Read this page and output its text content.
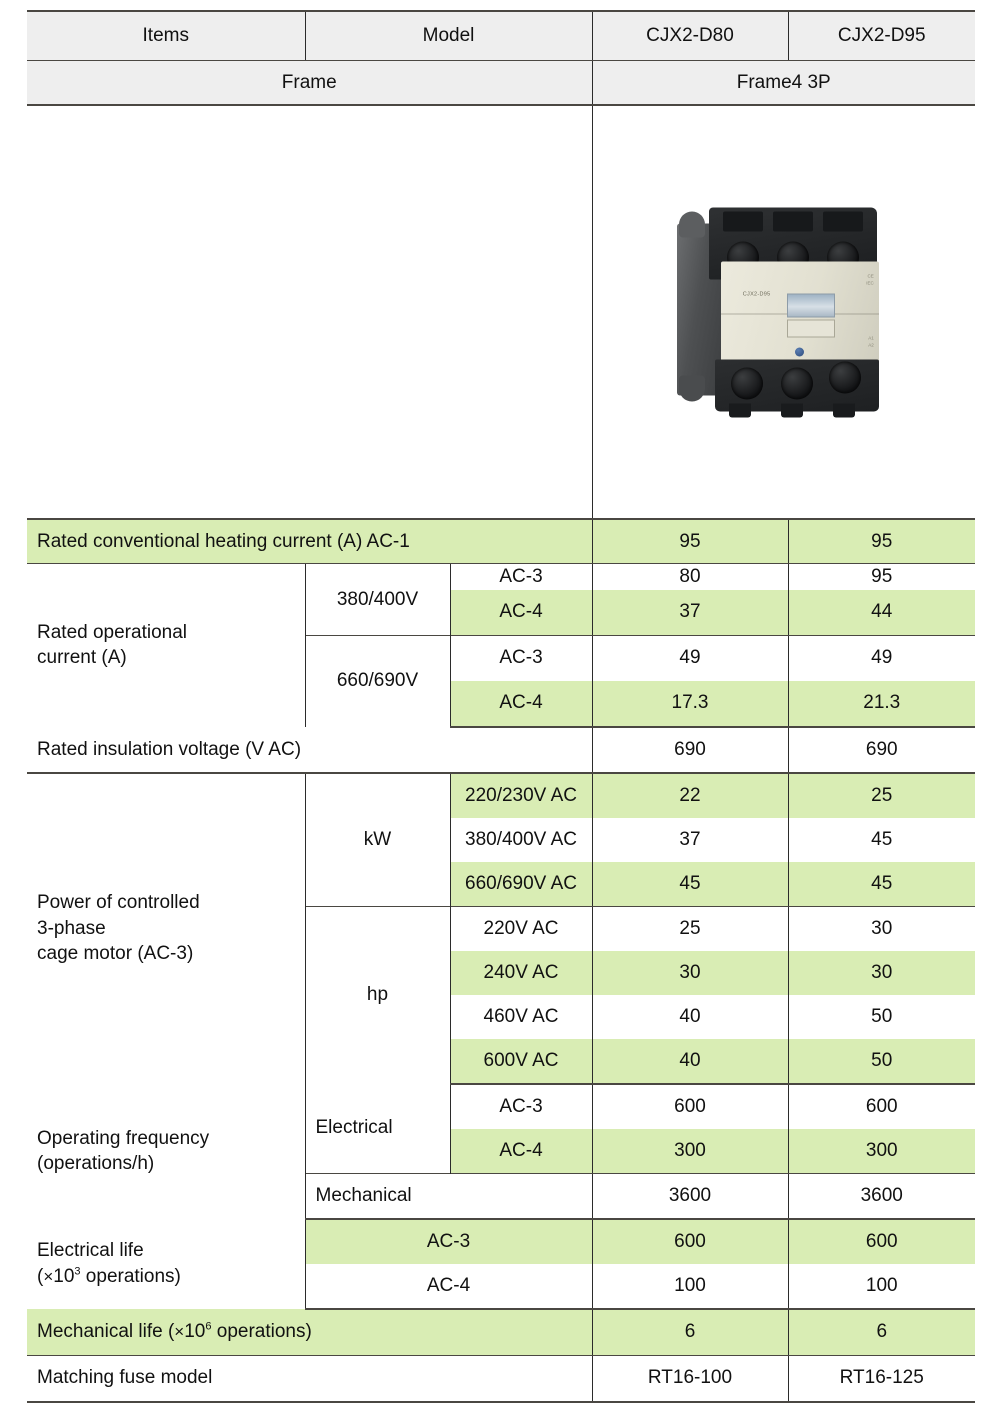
Items	Model		CJX2-D80	CJX2-D95
Frame			Frame4 3P	

			CJX2-D95
CE
IEC
A1
A2	

Rated conventional heating current (A) AC-1			95	95

Rated operational
current (A)	380/400V	AC-3	80	95
		AC-4	37	44
	660/690V	AC-3	49	49
		AC-4	17.3	21.3
Rated insulation voltage (V AC)			690	690

Power of controlled
3-phase
cage motor (AC-3)	kW	220/230V AC	22	25
		380/400V AC	37	45
		660/690V AC	45	45
	hp	220V AC	25	30
		240V AC	30	30
		460V AC	40	50
		600V AC	40	50

Operating frequency
(operations/h)	Electrical	AC-3	600	600
		AC-4	300	300
	Mechanical		3600	3600

Electrical life
($\times 10^3$ operations)	AC-3		600	600
	AC-4		100	100
Mechanical life ($\times 10^6$ operations)			6	6
Matching fuse model			RT16-100	RT16-125
